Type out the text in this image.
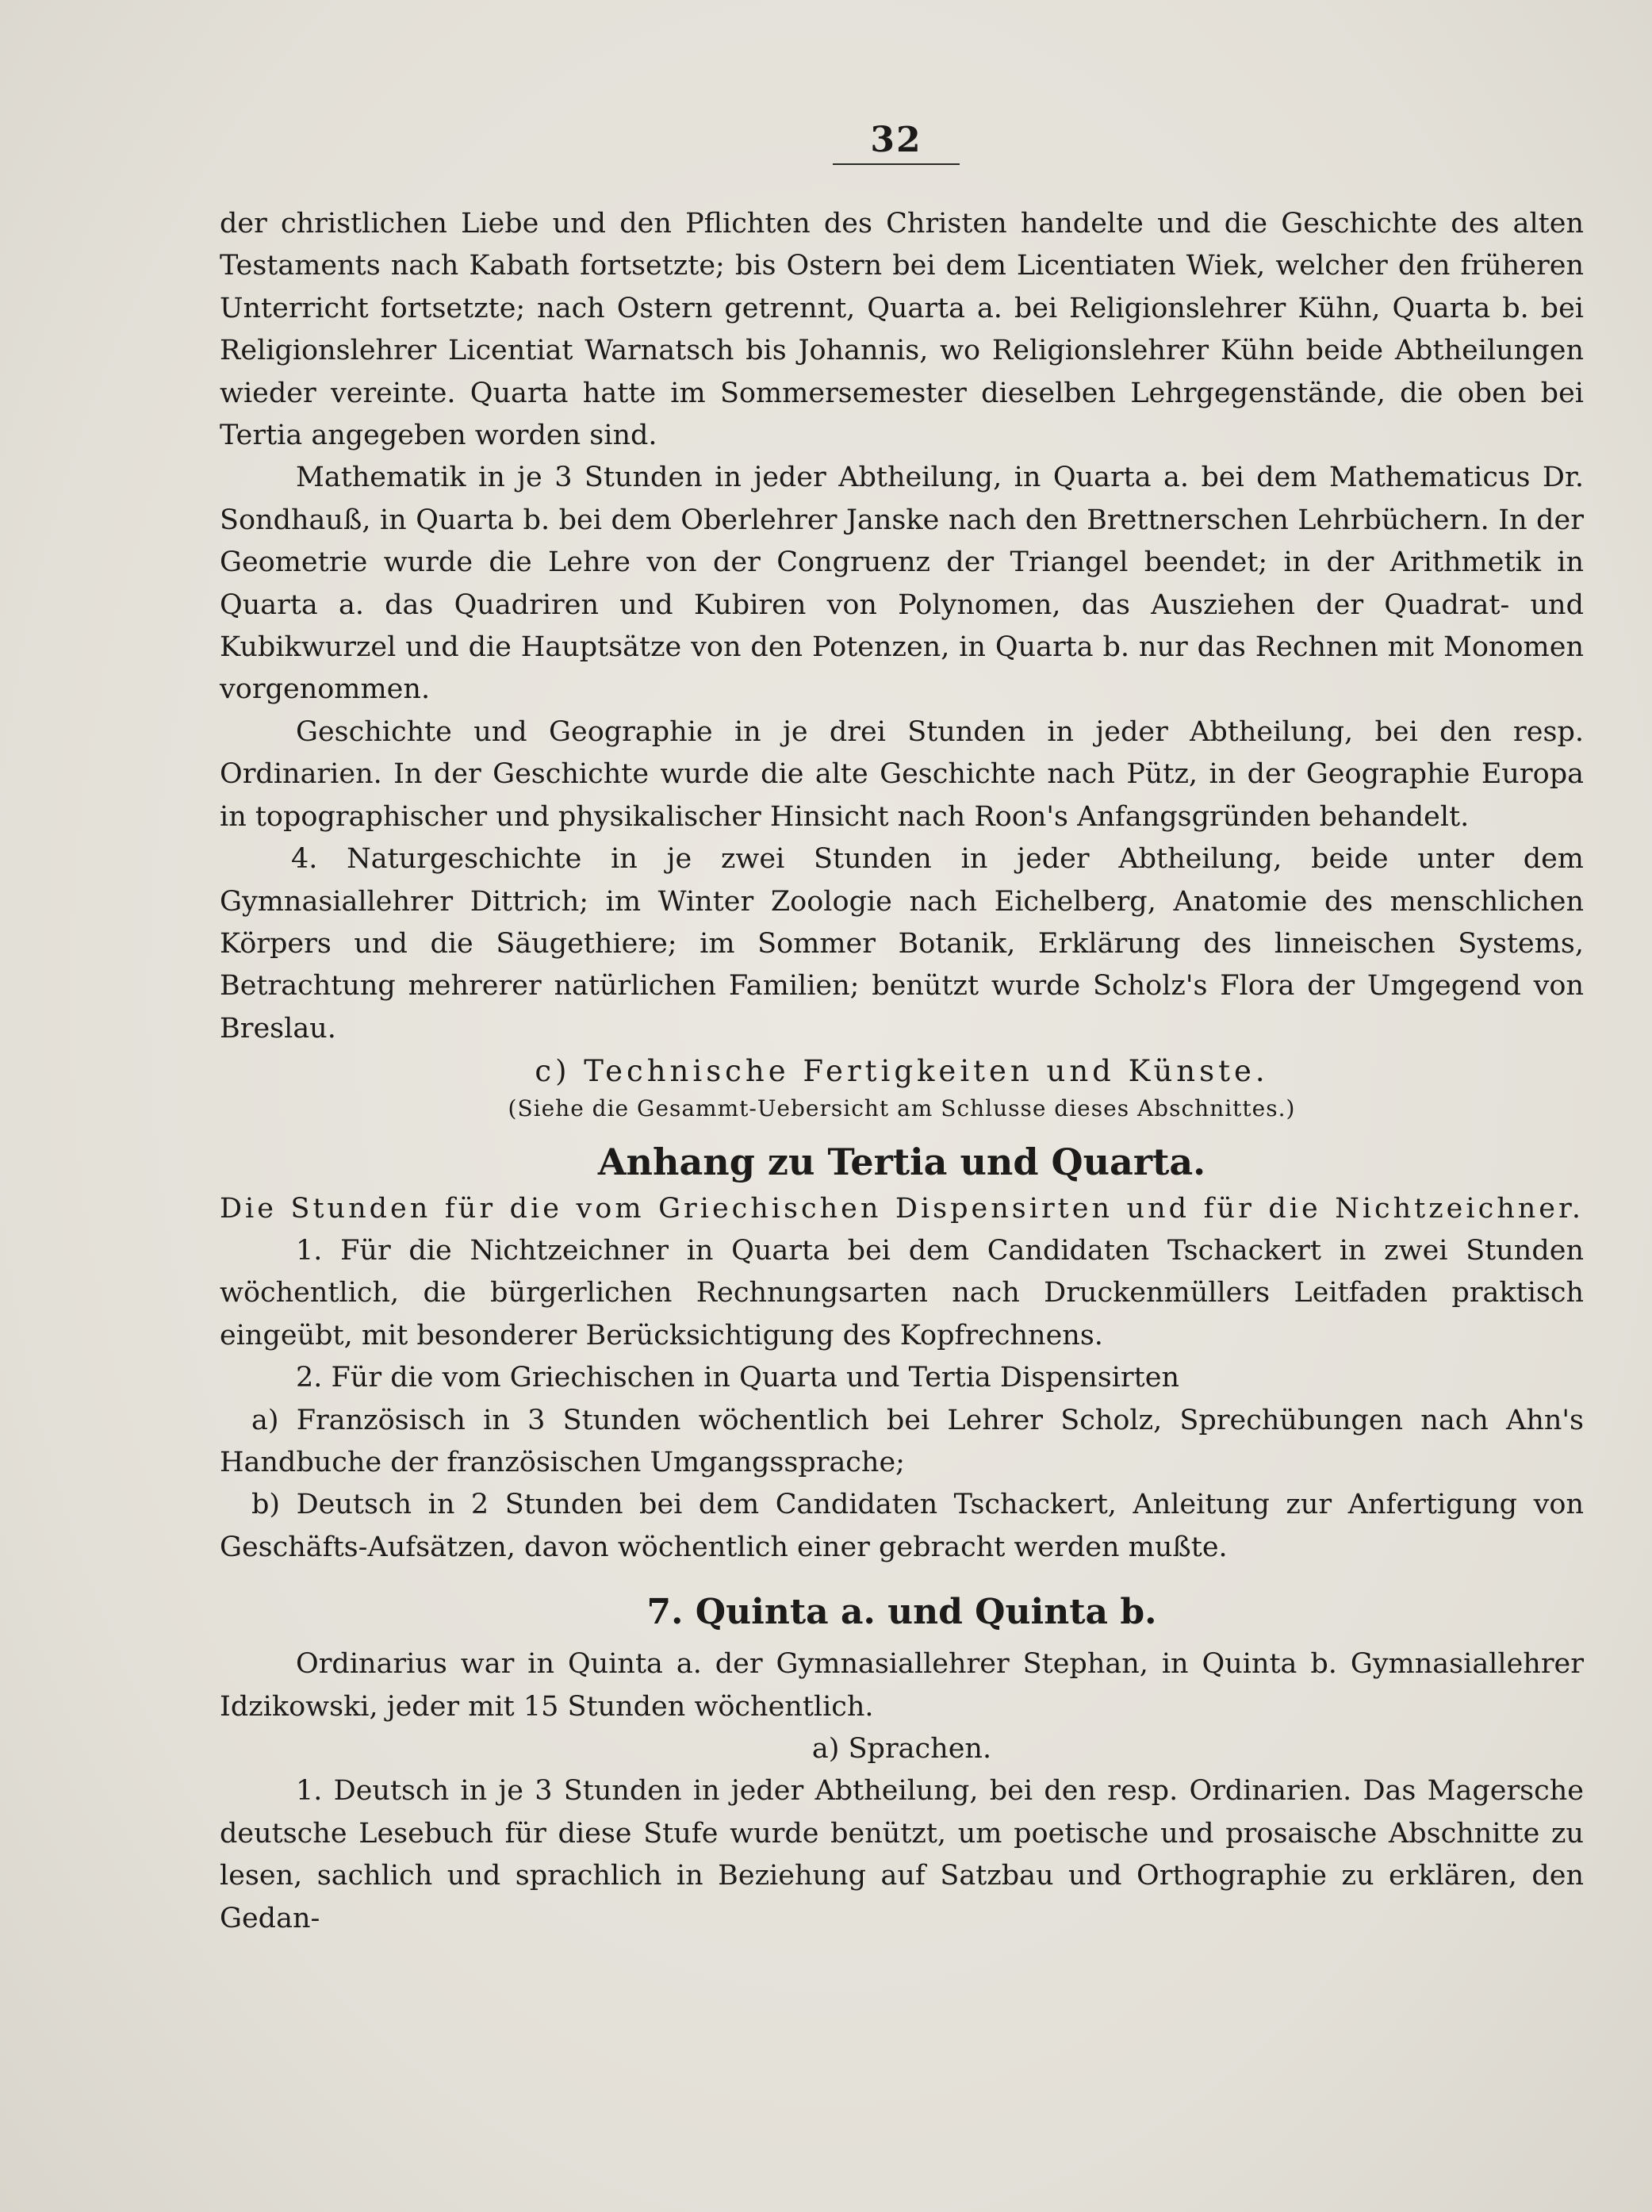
32

der christlichen Liebe und den Pflichten des Christen handelte und die Geschichte des alten Testaments nach Kabath fortsetzte; bis Ostern bei dem Licentiaten Wiek, welcher den früheren Unterricht fortsetzte; nach Ostern getrennt, Quarta a. bei Religionslehrer Kühn, Quarta b. bei Religionslehrer Licentiat Warnatsch bis Johannis, wo Religionslehrer Kühn beide Abtheilungen wieder vereinte. Quarta hatte im Sommersemester dieselben Lehrgegenstände, die oben bei Tertia angegeben worden sind.

Mathematik in je 3 Stunden in jeder Abtheilung, in Quarta a. bei dem Mathematicus Dr. Sondhauß, in Quarta b. bei dem Oberlehrer Janske nach den Brettnerschen Lehrbüchern. In der Geometrie wurde die Lehre von der Congruenz der Triangel beendet; in der Arithmetik in Quarta a. das Quadriren und Kubiren von Polynomen, das Ausziehen der Quadrat- und Kubikwurzel und die Hauptsätze von den Potenzen, in Quarta b. nur das Rechnen mit Monomen vorgenommen.

Geschichte und Geographie in je drei Stunden in jeder Abtheilung, bei den resp. Ordinarien. In der Geschichte wurde die alte Geschichte nach Pütz, in der Geographie Europa in topographischer und physikalischer Hinsicht nach Roon's Anfangsgründen behandelt.

4. Naturgeschichte in je zwei Stunden in jeder Abtheilung, beide unter dem Gymnasiallehrer Dittrich; im Winter Zoologie nach Eichelberg, Anatomie des menschlichen Körpers und die Säugethiere; im Sommer Botanik, Erklärung des linneischen Systems, Betrachtung mehrerer natürlichen Familien; benützt wurde Scholz's Flora der Umgegend von Breslau.

c) Technische Fertigkeiten und Künste.

(Siehe die Gesammt-Uebersicht am Schlusse dieses Abschnittes.)

Anhang zu Tertia und Quarta.

Die Stunden für die vom Griechischen Dispensirten und für die Nichtzeichner.

1. Für die Nichtzeichner in Quarta bei dem Candidaten Tschackert in zwei Stunden wöchentlich, die bürgerlichen Rechnungsarten nach Druckenmüllers Leitfaden praktisch eingeübt, mit besonderer Berücksichtigung des Kopfrechnens.

2. Für die vom Griechischen in Quarta und Tertia Dispensirten

a) Französisch in 3 Stunden wöchentlich bei Lehrer Scholz, Sprechübungen nach Ahn's Handbuche der französischen Umgangssprache;

b) Deutsch in 2 Stunden bei dem Candidaten Tschackert, Anleitung zur Anfertigung von Geschäfts-Aufsätzen, davon wöchentlich einer gebracht werden mußte.

7. Quinta a. und Quinta b.

Ordinarius war in Quinta a. der Gymnasiallehrer Stephan, in Quinta b. Gymnasiallehrer Idzikowski, jeder mit 15 Stunden wöchentlich.

a) Sprachen.

1. Deutsch in je 3 Stunden in jeder Abtheilung, bei den resp. Ordinarien. Das Magersche deutsche Lesebuch für diese Stufe wurde benützt, um poetische und prosaische Abschnitte zu lesen, sachlich und sprachlich in Beziehung auf Satzbau und Orthographie zu erklären, den Gedan-
